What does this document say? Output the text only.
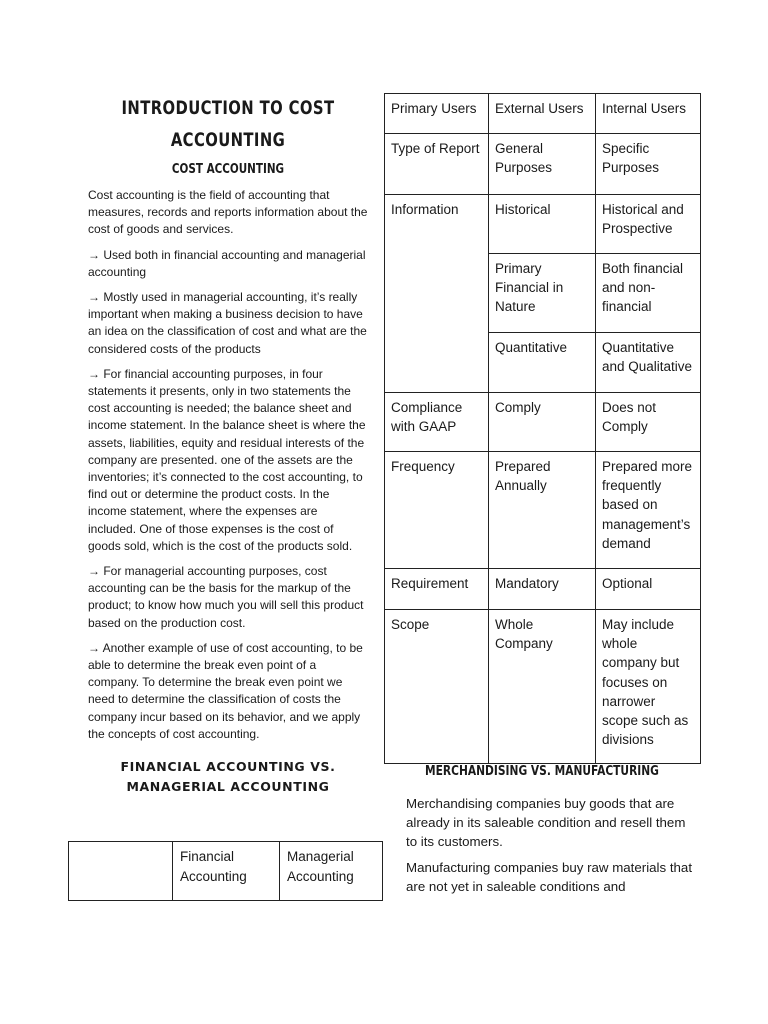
INTRODUCTION TO COST
ACCOUNTING
COST ACCOUNTING

Cost accounting is the field of accounting that measures, records and reports information about the cost of goods and services.

→ Used both in financial accounting and managerial accounting

→ Mostly used in managerial accounting, it’s really important when making a business decision to have an idea on the classification of cost and what are the considered costs of the products

→ For financial accounting purposes, in four statements it presents, only in two statements the cost accounting is needed; the balance sheet and income statement. In the balance sheet is where the assets, liabilities, equity and residual interests of the company are presented. one of the assets are the inventories; it’s connected to the cost accounting, to find out or determine the product costs. In the income statement, where the expenses are included. One of those expenses is the cost of goods sold, which is the cost of the products sold.

→ For managerial accounting purposes, cost accounting can be the basis for the markup of the product; to know how much you will sell this product based on the production cost.

→ Another example of use of cost accounting, to be able to determine the break even point of a company. To determine the break even point we need to determine the classification of costs the company incur based on its behavior, and we apply the concepts of cost accounting.

FINANCIAL ACCOUNTING VS.
MANAGERIAL ACCOUNTING
	Financial Accounting	Managerial Accounting
Primary Users	External Users	Internal Users
Type of Report	General Purposes	Specific Purposes
Information	Historical	Historical and Prospective
	Primary Financial in Nature	Both financial and non-financial
	Quantitative	Quantitative and Qualitative
Compliance with GAAP	Comply	Does not Comply
Frequency	Prepared Annually	Prepared more frequently based on management’s demand
Requirement	Mandatory	Optional
Scope	Whole Company	May include whole company but focuses on narrower scope such as divisions
MERCHANDISING VS. MANUFACTURING

Merchandising companies buy goods that are already in its saleable condition and resell them to its customers.

Manufacturing companies buy raw materials that are not yet in saleable conditions and
